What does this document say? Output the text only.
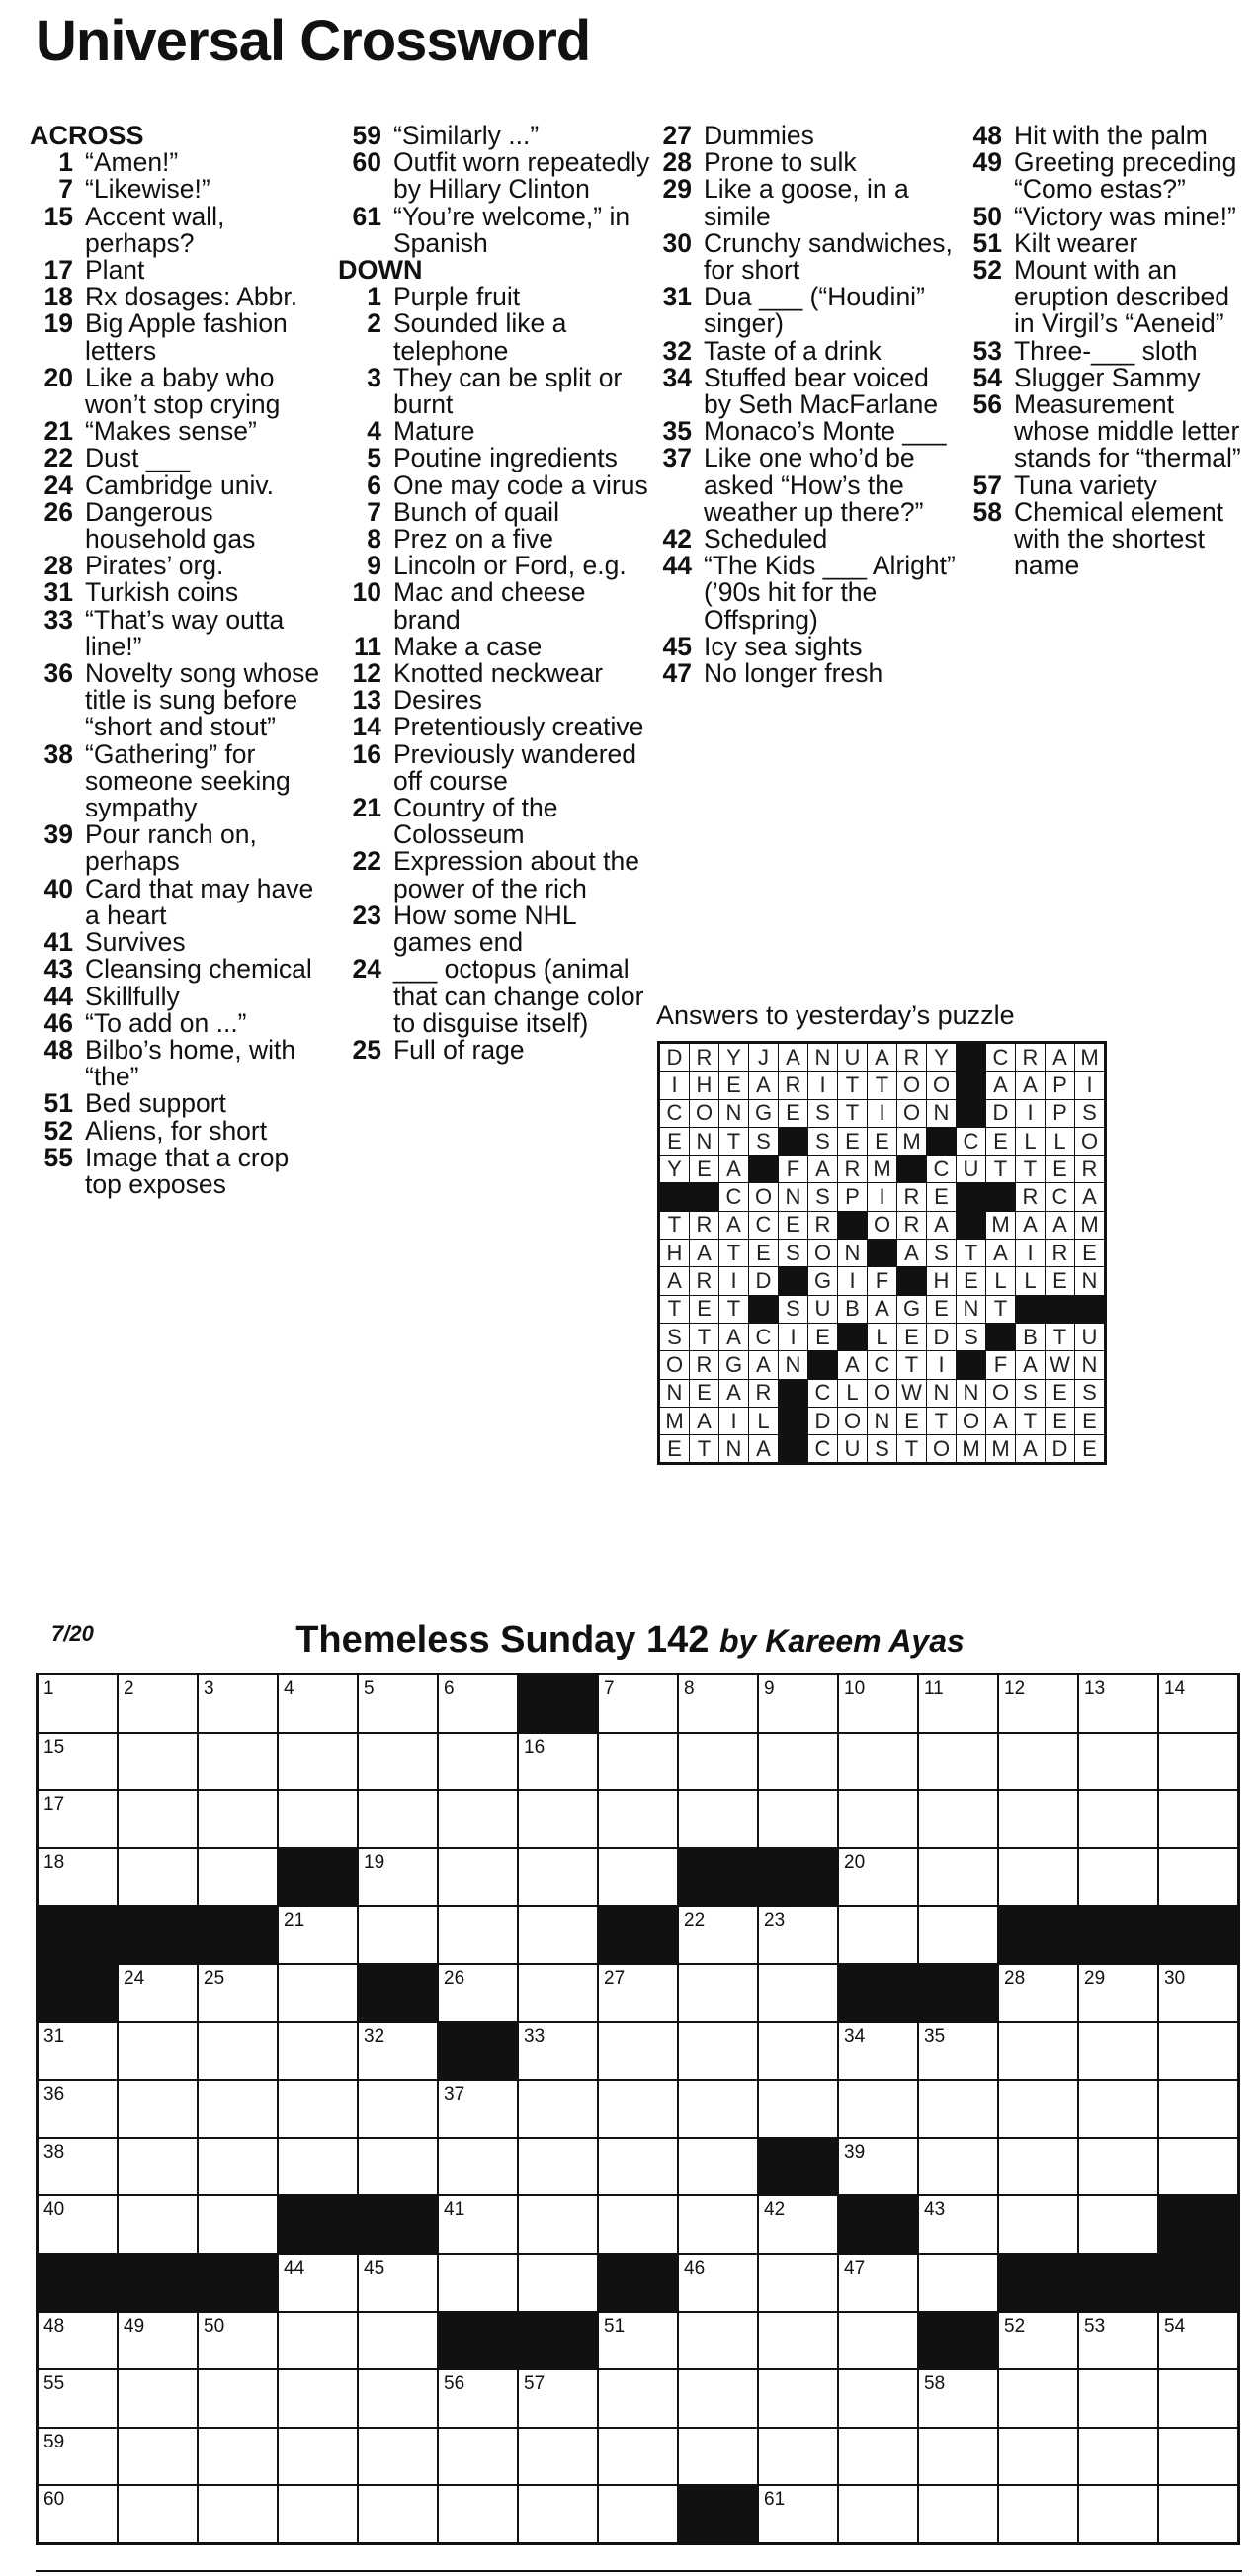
Universal Crossword
ACROSS
1 “Amen!”
7 “Likewise!”
15 Accent wall, perhaps?
17 Plant
18 Rx dosages: Abbr.
19 Big Apple fashion letters
20 Like a baby who won’t stop crying
21 “Makes sense”
22 Dust ___
24 Cambridge univ.
26 Dangerous household gas
28 Pirates’ org.
31 Turkish coins
33 “That’s way outta line!”
36 Novelty song whose title is sung before “short and stout”
38 “Gathering” for someone seeking sympathy
39 Pour ranch on, perhaps
40 Card that may have a heart
41 Survives
43 Cleansing chemical
44 Skillfully
46 “To add on ...”
48 Bilbo’s home, with “the”
51 Bed support
52 Aliens, for short
55 Image that a crop top exposes
59 “Similarly ...”
60 Outfit worn repeatedly by Hillary Clinton
61 “You’re welcome,” in Spanish
DOWN
1 Purple fruit
2 Sounded like a telephone
3 They can be split or burnt
4 Mature
5 Poutine ingredients
6 One may code a virus
7 Bunch of quail
8 Prez on a five
9 Lincoln or Ford, e.g.
10 Mac and cheese brand
11 Make a case
12 Knotted neckwear
13 Desires
14 Pretentiously creative
16 Previously wandered off course
21 Country of the Colosseum
22 Expression about the power of the rich
23 How some NHL games end
24 ___ octopus (animal that can change color to disguise itself)
25 Full of rage
27 Dummies
28 Prone to sulk
29 Like a goose, in a simile
30 Crunchy sandwiches, for short
31 Dua ___ (“Houdini” singer)
32 Taste of a drink
34 Stuffed bear voiced by Seth MacFarlane
35 Monaco’s Monte ___
37 Like one who’d be asked “How’s the weather up there?”
42 Scheduled
44 “The Kids ___ Alright” (’90s hit for the Offspring)
45 Icy sea sights
47 No longer fresh
48 Hit with the palm
49 Greeting preceding “Como estas?”
50 “Victory was mine!”
51 Kilt wearer
52 Mount with an eruption described in Virgil’s “Aeneid”
53 Three-___ sloth
54 Slugger Sammy
56 Measurement whose middle letter stands for “thermal”
57 Tuna variety
58 Chemical element with the shortest name
Answers to yesterday’s puzzle
D	R	Y	J	A	N	U	A	R	Y		C	R	A	M
I	H	E	A	R	I	T	T	O	O		A	A	P	I
C	O	N	G	E	S	T	I	O	N		D	I	P	S
E	N	T	S		S	E	E	M		C	E	L	L	O
Y	E	A		F	A	R	M		C	U	T	T	E	R
		C	O	N	S	P	I	R	E			R	C	A
T	R	A	C	E	R		O	R	A		M	A	A	M
H	A	T	E	S	O	N		A	S	T	A	I	R	E
A	R	I	D		G	I	F		H	E	L	L	E	N
T	E	T		S	U	B	A	G	E	N	T			
S	T	A	C	I	E		L	E	D	S		B	T	U
O	R	G	A	N		A	C	T	I		F	A	W	N
N	E	A	R		C	L	O	W	N	N	O	S	E	S
M	A	I	L		D	O	N	E	T	O	A	T	E	E
E	T	N	A		C	U	S	T	O	M	M	A	D	E
7/20	Themeless Sunday 142 by Kareem Ayas
1	2	3	4	5	6		7	8	9	10	11	12	13	14

15						16								

17														

18				19						20				

			21					22	23					

	24	25			26		27					28	29	30

31				32		33				34	35			

36					37									

38										39				

40					41				42		43			

			44	45				46		47				

48	49	50					51					52	53	54

55					56	57					58			

59														

60									61					
